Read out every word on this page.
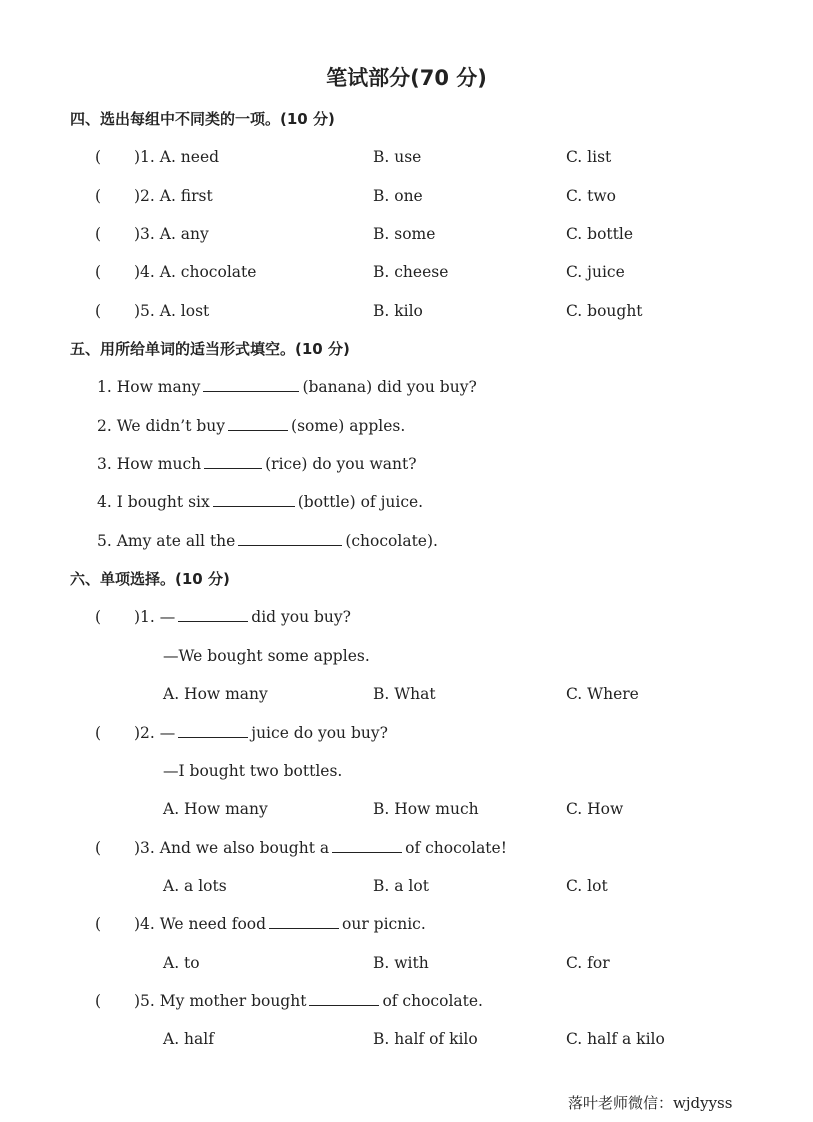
笔试部分(70 分)
四、选出每组中不同类的一项。(10 分)
( )1. A. need	B. use	C. list
( )2. A. first	B. one	C. two
( )3. A. any	B. some	C. bottle
( )4. A. chocolate	B. cheese	C. juice
( )5. A. lost	B. kilo	C. bought
五、用所给单词的适当形式填空。(10 分)
1. How many	(banana) did you buy?
2. We didn’t buy	(some) apples.
3. How much	(rice) do you want?
4. I bought six	(bottle) of juice.
5. Amy ate all the	(chocolate).
六、单项选择。(10 分)
( )1. —	did you buy?
—We bought some apples.
A. How many	B. What	C. Where
( )2. —	juice do you buy?
—I bought two bottles.
A. How many	B. How much	C. How
( )3. And we also bought a	of chocolate!
A. a lots	B. a lot	C. lot
( )4. We need food	our picnic.
A. to	B. with	C. for
( )5. My mother bought	of chocolate.
A. half	B. half of kilo	C. half a kilo
落叶老师微信：wjdyyss
